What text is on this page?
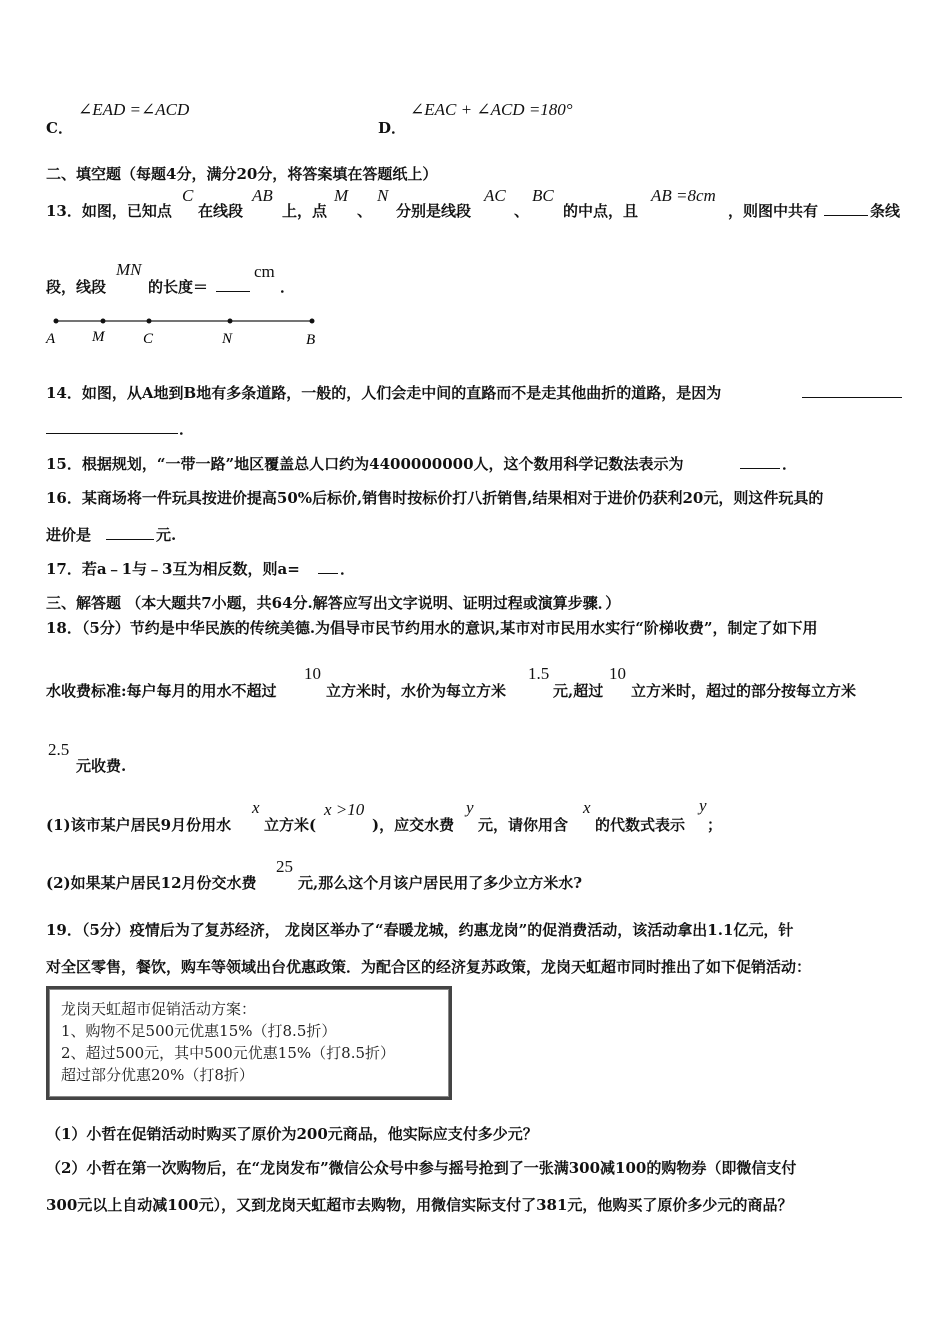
C．
∠EAD =∠ACD
D．
∠EAC + ∠ACD =180°
二、填空题（每题4分，满分20分，将答案填在答题纸上）
13．如图，已知点
C
在线段
AB
上，点
M
、
N
分别是线段
AC
、
BC
的中点，且
AB =8cm
，则图中共有	条线
段，线段
MN
的长度＝
cm
．
A M	C	N	B
14．如图，从A地到B地有多条道路，一般的，人们会走中间的直路而不是走其他曲折的道路，是因为
．
15．根据规划，“一带一路”地区覆盖总人口约为4400000000人，这个数用科学记数法表示为	．
16．某商场将一件玩具按进价提高50%后标价,销售时按标价打八折销售,结果相对于进价仍获利20元，则这件玩具的
进价是	元.
17．若a﹣1与﹣3互为相反数，则a=	．
三、解答题 （本大题共7小题，共64分.解答应写出文字说明、证明过程或演算步骤．）
18．（5分）节约是中华民族的传统美德.为倡导市民节约用水的意识,某市对市民用水实行“阶梯收费”，制定了如下用
水收费标准:每户每月的用水不超过
10
立方米时，水价为每立方米
1.5
元,超过
10
立方米时，超过的部分按每立方米
2.5
元收费.
(1)该市某户居民9月份用水
x
立方米(
x >10
)，应交水费
y
元，请你用含
x
的代数式表示
y
；
(2)如果某户居民12月份交水费
25
元,那么这个月该户居民用了多少立方米水?
19．（5分）疫情后为了复苏经济， 龙岗区举办了“春暖龙城，约惠龙岗”的促消费活动，该活动拿出1.1亿元，针
对全区零售，餐饮，购车等领域出台优惠政策．为配合区的经济复苏政策，龙岗天虹超市同时推出了如下促销活动：
龙岗天虹超市促销活动方案：
1、购物不足500元优惠15%（打8.5折）
2、超过500元，其中500元优惠15%（打8.5折）
超过部分优惠20%（打8折）
（1）小哲在促销活动时购买了原价为200元商品，他实际应支付多少元？
（2）小哲在第一次购物后，在“龙岗发布”微信公众号中参与摇号抢到了一张满300减100的购物券（即微信支付
300元以上自动减100元），又到龙岗天虹超市去购物，用微信实际支付了381元，他购买了原价多少元的商品？
